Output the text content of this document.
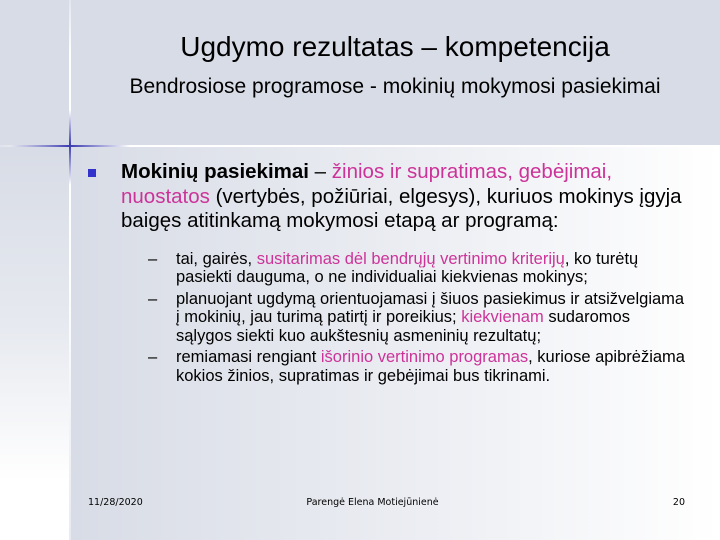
Ugdymo rezultatas – kompetencija
Bendrosiose programose - mokinių mokymosi pasiekimai
Mokinių pasiekimai – žinios ir supratimas, gebėjimai, nuostatos (vertybės, požiūriai, elgesys), kuriuos mokinys įgyja baigęs atitinkamą mokymosi etapą ar programą:
– tai, gairės, susitarimas dėl bendrųjų vertinimo kriterijų, ko turėtų pasiekti dauguma, o ne individualiai kiekvienas mokinys;
– planuojant ugdymą orientuojamasi į šiuos pasiekimus ir atsižvelgiama į mokinių, jau turimą patirtį ir poreikius; kiekvienam sudaromos sąlygos siekti kuo aukštesnių asmeninių rezultatų;
– remiamasi rengiant išorinio vertinimo programas, kuriose apibrėžiama kokios žinios, supratimas ir gebėjimai bus tikrinami.
11/28/2020	Parengė Elena Motiejūnienė	20
